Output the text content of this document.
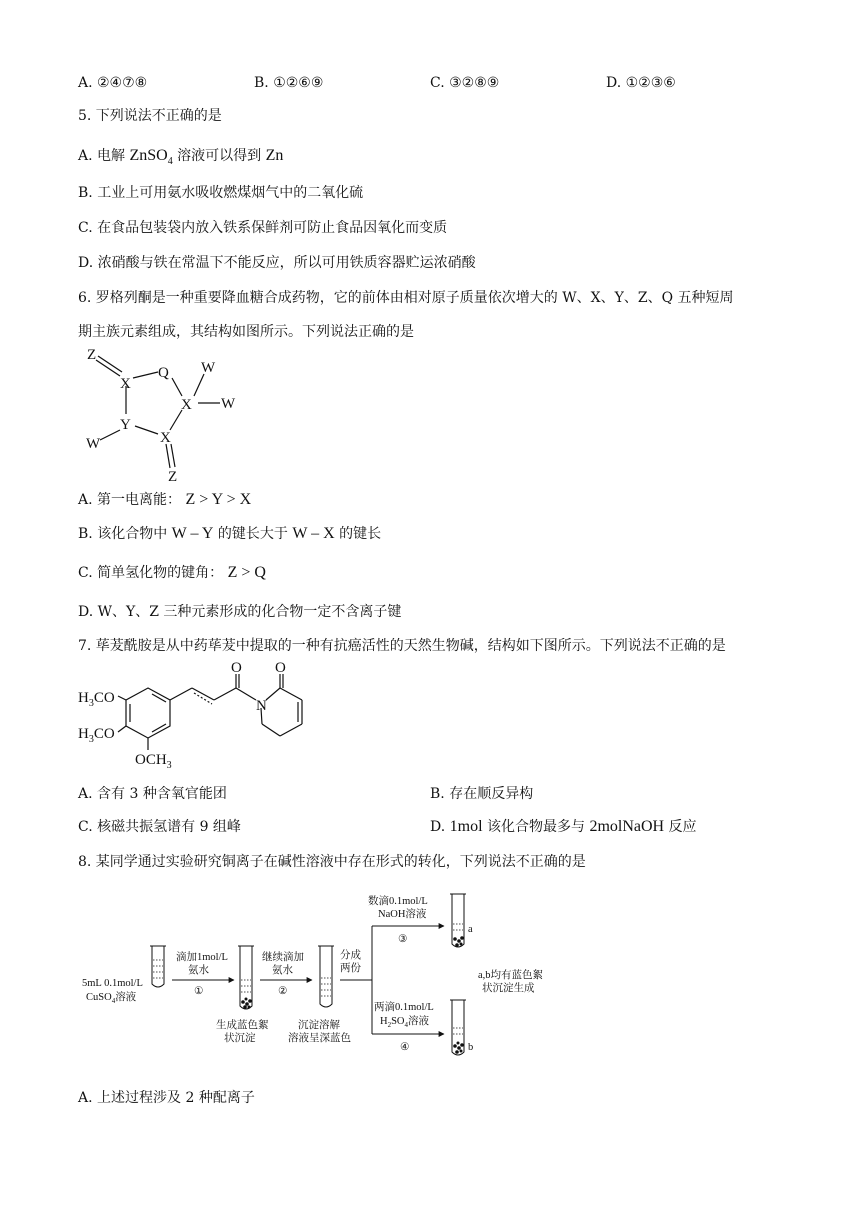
A. ②④⑦⑧	B. ①②⑥⑨	C. ③②⑧⑨	D. ①②③⑥
5. 下列说法不正确的是
A. 电解 ZnSO$_4$ 溶液可以得到 Zn
B. 工业上可用氨水吸收燃煤烟气中的二氧化硫
C. 在食品包装袋内放入铁系保鲜剂可防止食品因氧化而变质
D. 浓硝酸与铁在常温下不能反应，所以可用铁质容器贮运浓硝酸
6. 罗格列酮是一种重要降血糖合成药物，它的前体由相对原子质量依次增大的 W、X、Y、Z、Q 五种短周
期主族元素组成，其结构如图所示。下列说法正确的是
Z
X
Q W
X W
Y
W	X
Z
A. 第一电离能： Z > Y > X
B. 该化合物中 W – Y 的键长大于 W – X 的键长
C. 简单氢化物的键角： Z > Q
D. W、Y、Z 三种元素形成的化合物一定不含离子键
7. 荜茇酰胺是从中药荜茇中提取的一种有抗癌活性的天然生物碱，结构如下图所示。下列说法不正确的是
$H_3CO$
$H_3CO$
$OCH_3$
O O
N
A. 含有 3 种含氧官能团	B. 存在顺反异构
C. 核磁共振氢谱有 9 组峰	D. 1mol 该化合物最多与 2molNaOH 反应
8. 某同学通过实验研究铜离子在碱性溶液中存在形式的转化，下列说法不正确的是
5mL 0.1mol/L
CuSO$_4$溶液
滴加1mol/L
氨水
①
生成蓝色絮
状沉淀
继续滴加
氨水
②
沉淀溶解
溶液呈深蓝色
分成
两份
数滴0.1mol/L
NaOH溶液
③
两滴0.1mol/L
$H_2SO_4$溶液
④
a
b
a,b均有蓝色絮
状沉淀生成
A. 上述过程涉及 2 种配离子
